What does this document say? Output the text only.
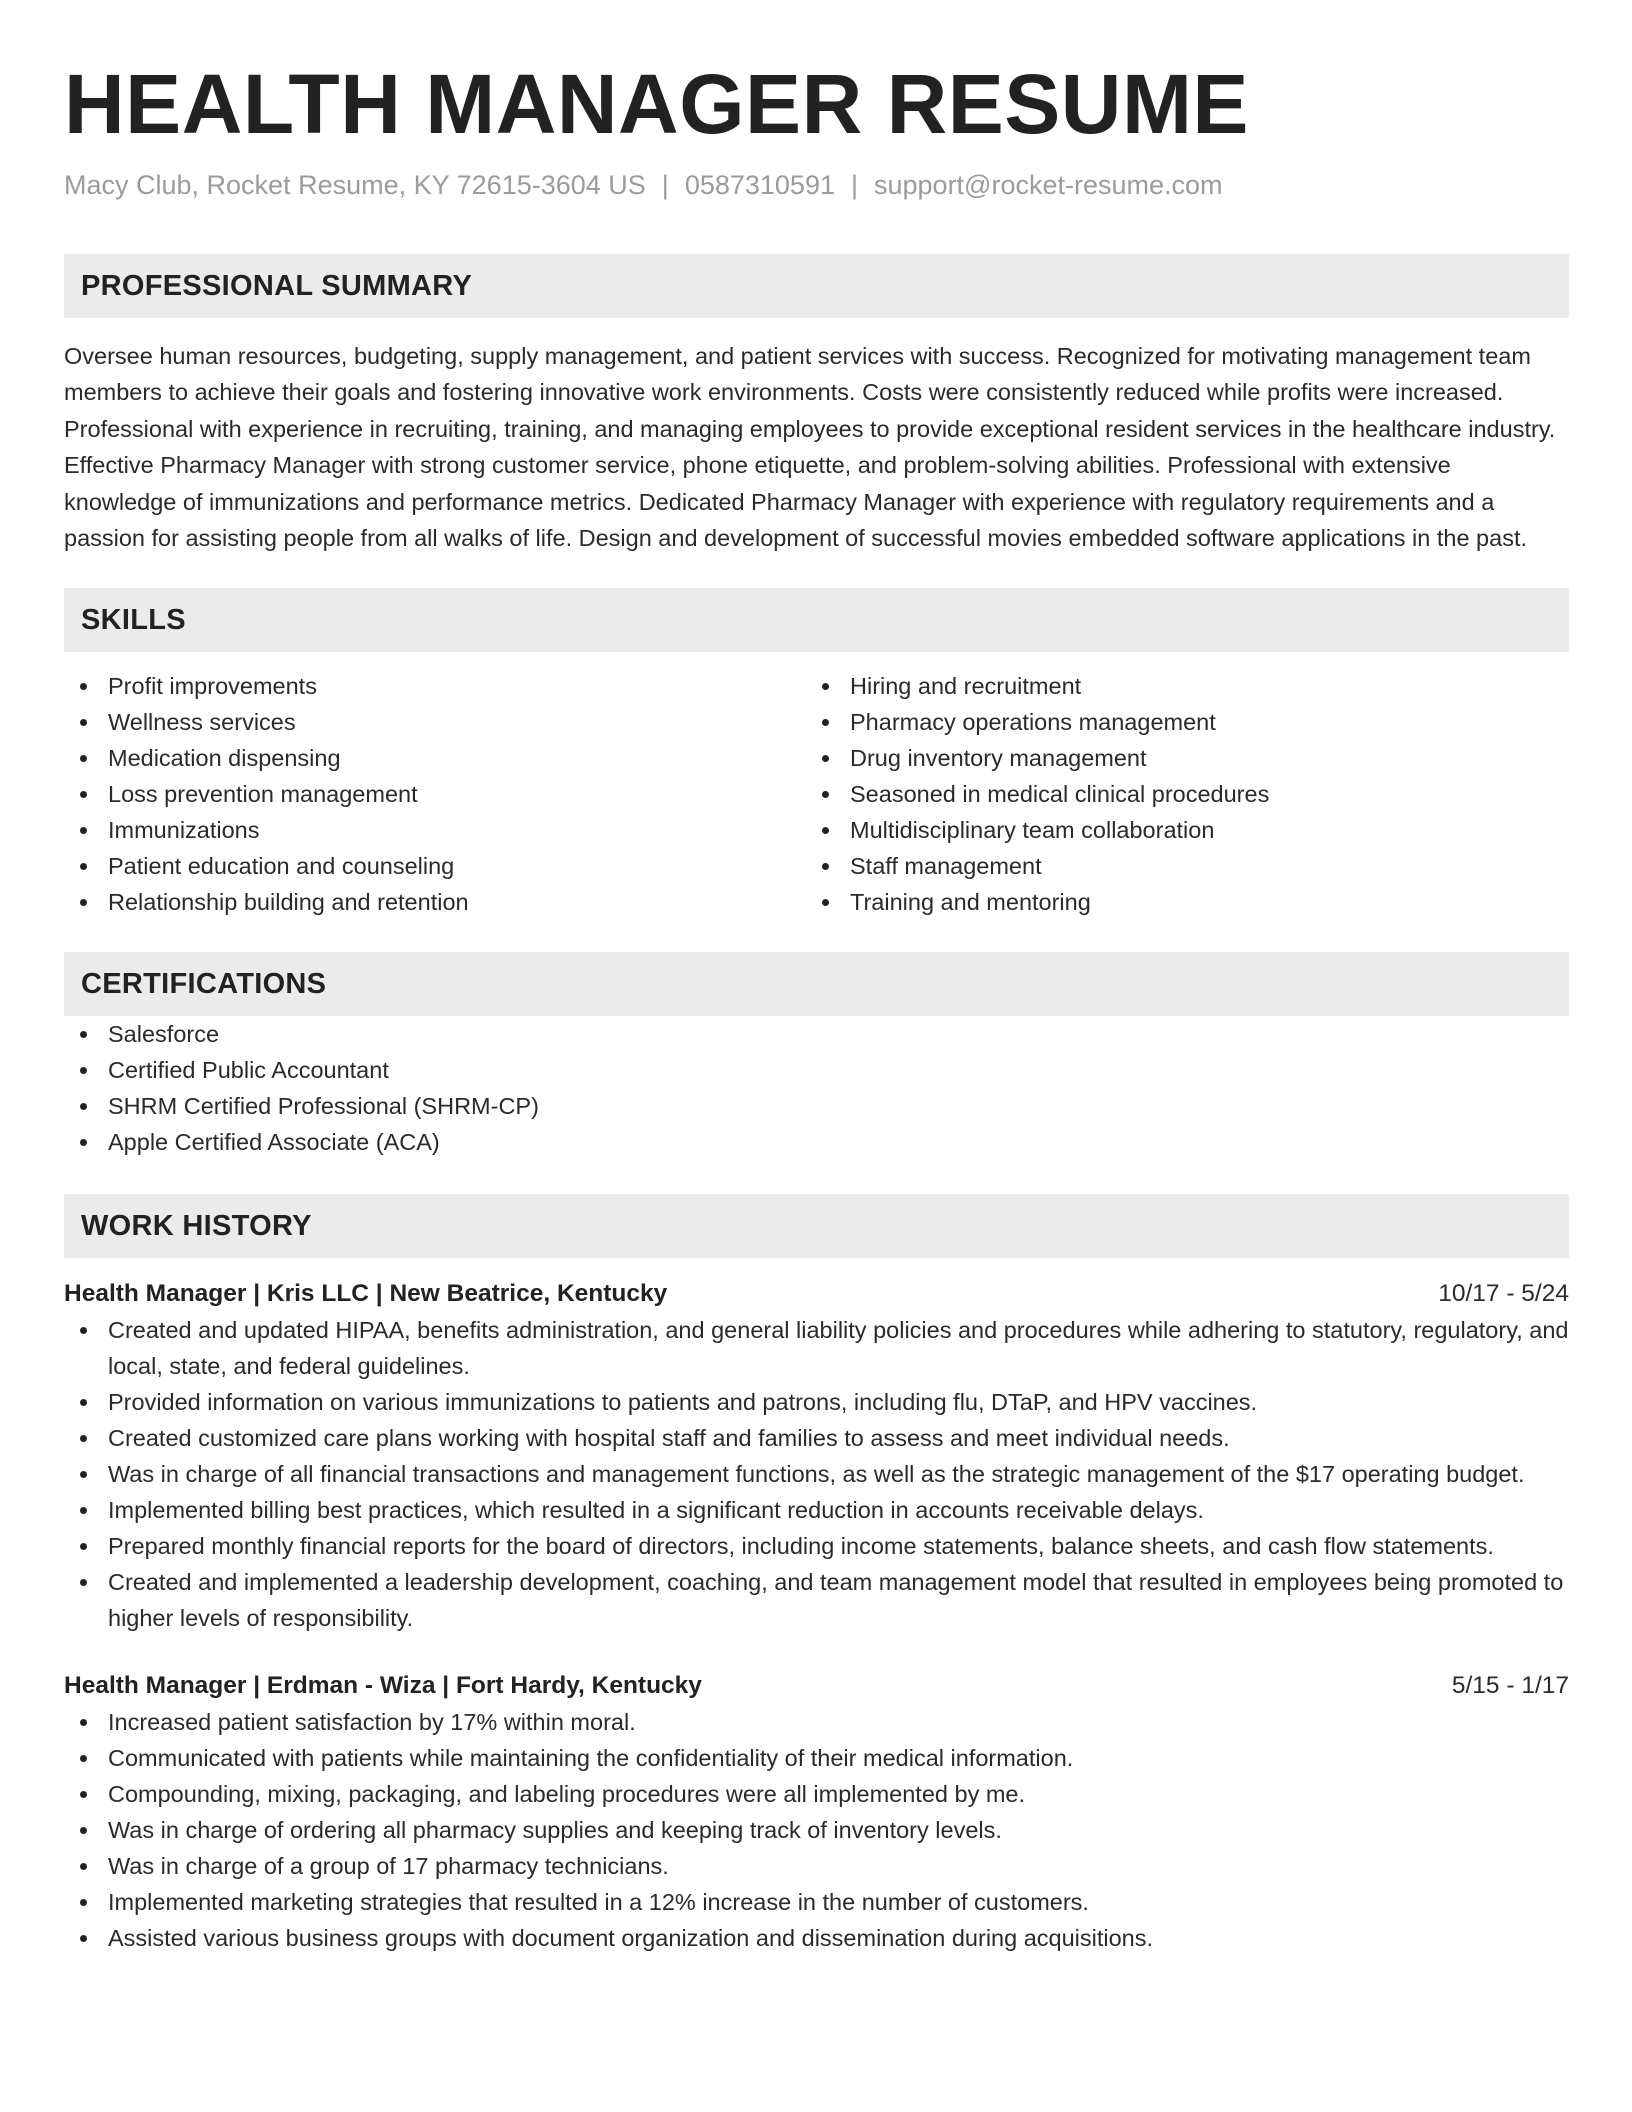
HEALTH MANAGER RESUME
Macy Club, Rocket Resume, KY 72615-3604 US | 0587310591 | support@rocket-resume.com
PROFESSIONAL SUMMARY

Oversee human resources, budgeting, supply management, and patient services with success. Recognized for motivating management team members to achieve their goals and fostering innovative work environments. Costs were consistently reduced while profits were increased. Professional with experience in recruiting, training, and managing employees to provide exceptional resident services in the healthcare industry. Effective Pharmacy Manager with strong customer service, phone etiquette, and problem-solving abilities. Professional with extensive knowledge of immunizations and performance metrics. Dedicated Pharmacy Manager with experience with regulatory requirements and a passion for assisting people from all walks of life. Design and development of successful movies embedded software applications in the past.

SKILLS
Profit improvements
Wellness services
Medication dispensing
Loss prevention management
Immunizations
Patient education and counseling
Relationship building and retention
Hiring and recruitment
Pharmacy operations management
Drug inventory management
Seasoned in medical clinical procedures
Multidisciplinary team collaboration
Staff management
Training and mentoring
CERTIFICATIONS
Salesforce
Certified Public Accountant
SHRM Certified Professional (SHRM-CP)
Apple Certified Associate (ACA)
WORK HISTORY
Health Manager | Kris LLC | New Beatrice, Kentucky	10/17 - 5/24
Created and updated HIPAA, benefits administration, and general liability policies and procedures while adhering to statutory, regulatory, and local, state, and federal guidelines.
Provided information on various immunizations to patients and patrons, including flu, DTaP, and HPV vaccines.
Created customized care plans working with hospital staff and families to assess and meet individual needs.
Was in charge of all financial transactions and management functions, as well as the strategic management of the $17 operating budget.
Implemented billing best practices, which resulted in a significant reduction in accounts receivable delays.
Prepared monthly financial reports for the board of directors, including income statements, balance sheets, and cash flow statements.
Created and implemented a leadership development, coaching, and team management model that resulted in employees being promoted to higher levels of responsibility.
Health Manager | Erdman - Wiza | Fort Hardy, Kentucky	5/15 - 1/17
Increased patient satisfaction by 17% within moral.
Communicated with patients while maintaining the confidentiality of their medical information.
Compounding, mixing, packaging, and labeling procedures were all implemented by me.
Was in charge of ordering all pharmacy supplies and keeping track of inventory levels.
Was in charge of a group of 17 pharmacy technicians.
Implemented marketing strategies that resulted in a 12% increase in the number of customers.
Assisted various business groups with document organization and dissemination during acquisitions.
